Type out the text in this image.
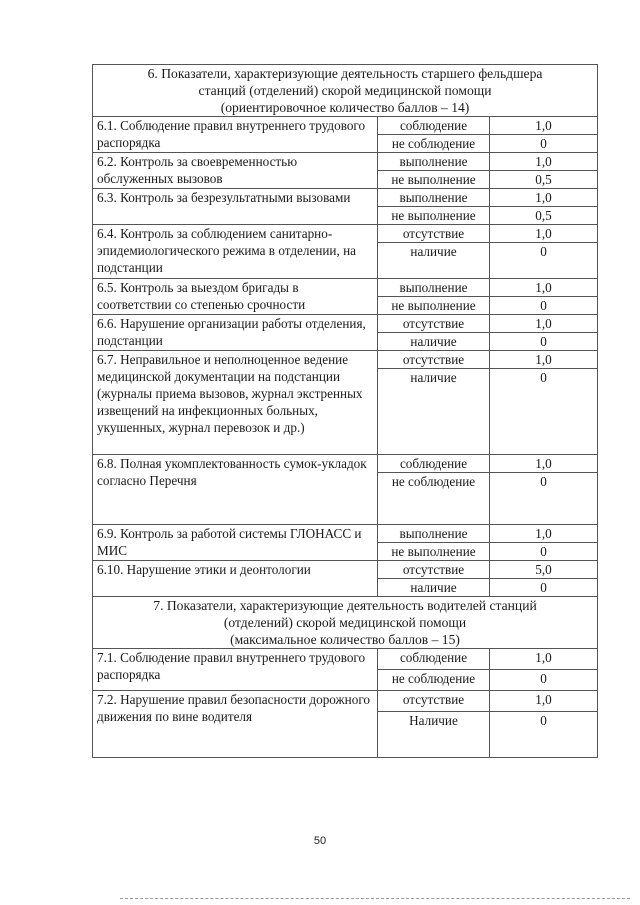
6. Показатели, характеризующие деятельность старшего фельдшера
станций (отделений) скорой медицинской помощи
(ориентировочное количество баллов – 14)		

6.1. Соблюдение правил внутреннего трудового распорядка	соблюдение	1,0
	не соблюдение	0
6.2. Контроль за своевременностью обслуженных вызовов	выполнение	1,0
	не выполнение	0,5
6.3. Контроль за безрезультатными вызовами	выполнение	1,0
	не выполнение	0,5
6.4. Контроль за соблюдением санитарно-эпидемиологического режима в отделении, на подстанции	отсутствие	1,0
	наличие	0
6.5. Контроль за выездом бригады в соответствии со степенью срочности	выполнение	1,0
	не выполнение	0
6.6. Нарушение организации работы отделения, подстанции	отсутствие	1,0
	наличие	0
6.7. Неправильное и неполноценное ведение медицинской документации на подстанции (журналы приема вызовов, журнал экстренных извещений на инфекционных больных, укушенных, журнал перевозок и др.)	отсутствие	1,0
	наличие	0
6.8. Полная укомплектованность сумок-укладок согласно Перечня	соблюдение	1,0
	не соблюдение	0
6.9. Контроль за работой системы ГЛОНАСС и МИС	выполнение	1,0
	не выполнение	0
6.10. Нарушение этики и деонтологии	отсутствие	5,0
	наличие	0

7. Показатели, характеризующие деятельность водителей станций
(отделений) скорой медицинской помощи
(максимальное количество баллов – 15)		

7.1. Соблюдение правил внутреннего трудового распорядка	соблюдение	1,0
	не соблюдение	0
7.2. Нарушение правил безопасности дорожного движения по вине водителя	отсутствие	1,0
	Наличие	0
50
